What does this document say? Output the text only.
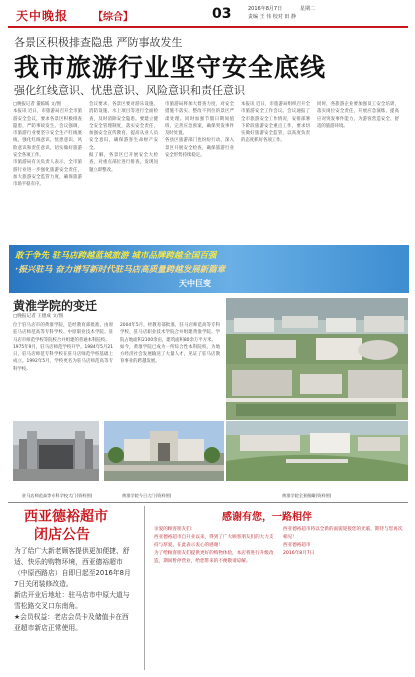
天中晚报 【综合】	03	2016年8月7日	星期二
责编 王 伟 校对 田 静
各景区积极排查隐患 严防事故发生
我市旅游行业坚守安全底线
强化红线意识、忧患意识、风险意识和责任意识
□晚报记者 董嫣嫣 文/图
本报讯 近日，市旅游局召开全市旅游安全会议，要求各景区积极排查隐患，严防事故发生。会议强调，市旅游行业要坚守安全生产红线底线，强化红线意识、忧患意识、风险意识和责任意识，切实做好旅游安全各项工作。
市旅游局有关负责人表示，全市旅游行业进一步强化旅游安全责任，加大旅游安全监管力度，确保旅游市场平稳有序。
会议要求，各景区要对游乐设施、消防设施、水上项目等进行全面检查，及时消除安全隐患。要建立健全安全管理制度，落实安全责任，加强安全宣传教育，提高从业人员安全意识，确保游客生命财产安全。
据了解，各景区已开展安全大检查，对重点部位进行排查，发现问题立即整改。
市旅游局将加大督查力度，对安全措施不落实、整改不到位的景区严肃处理。同时加强节假日期间值班，完善应急预案，确保突发事件及时处置。
各县区旅游部门也纷纷行动，深入景区开展安全检查，确保旅游行业安全形势持续稳定。
本报讯 近日，市旅游局组织召开全市旅游安全工作会议。会议通报了全市旅游安全工作情况，安排部署下阶段旅游安全重点工作，要求切实做好旅游安全监管，以高度负责的态度抓好各项工作。
同时，各旅游企业要加强员工安全培训，落实岗位安全责任，开展应急演练，提高应对突发事件能力，为游客营造安全、舒适的旅游环境。
敢于争先 驻马店跨越蓝城旅游 城市品牌跨越全国百强
·振兴驻马 奋力谱写新时代驻马店高质量跨越发展新篇章
天中巨变
黄淮学院的变迁
□晚报记者 王德成 文/图
位于驻马店市的黄淮学院，是经教育部批准，由原驻马店师范高等专科学校、中原职业技术学院、驻马店市师范学校等院校合并组建的普通本科院校。
1975年9月，驻马店师范学校开学。1984年5月21日，驻马店师范专科学校在驻马店师范学校基础上成立。1992年5月，学校更名为驻马店师范高等专科学校。
2004年5月，经教育部批准，驻马店师范高等专科学校、驻马店职业技术学院合并组建黄淮学院。学院占地面积2100余亩，建筑面积80余万平方米。
如今，黄淮学院已成为一所综合性本科院校，为地方经济社会发展输送了大量人才，见证了驻马店教育事业的跨越发展。
驻马店师范高等专科学校大门(资料图)	黄淮学院今日大门(资料图)	黄淮学院全景俯瞰(资料图)
西亚德裕超市
闭店公告
为了给广大新老顾客提供更加便捷、舒适、快乐的购物环境，西亚德裕超市（中原西路店）自即日起至2016年8月7日关闭装修改造。
新店开业后地址：驻马店市中原大道与雪松路交叉口东南角。
★会员权益：老店会员卡及储值卡在西亚超市新店正常使用。
感谢有您，一路相伴
亲爱的顾客朋友们：
西亚德裕超市自开业以来，得到了广大顾客朋友们的大力支持与厚爱，在此表示衷心的感谢！
为了给顾客朋友们提供更好的购物体验，本店将进行升级改造，期间暂停营业，给您带来的不便敬请谅解。
西亚德裕超市将以全新的面貌迎接您的光临，期待与您再次相见！
西亚德裕超市
2016年8月7日
